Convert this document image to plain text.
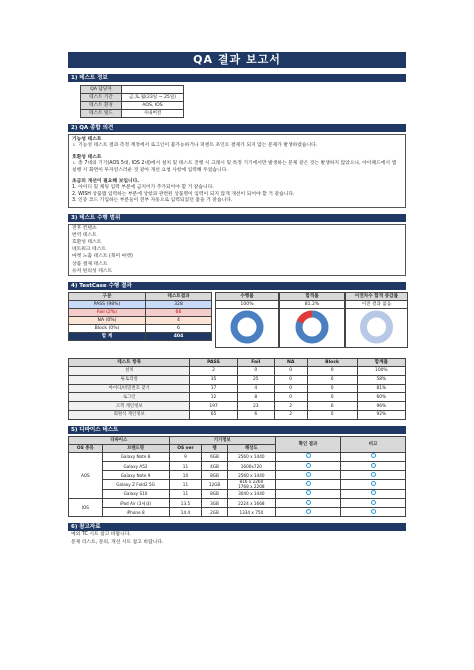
QA 결과 보고서
1) 테스트 정보
QA 담당자	
테스트 기간	금,토,월(23일 ~ 25일)
테스트 환경	AOS, IOS
테스트 빌드	사내버전
2) QA 종합 의견

기능성 테스트

ㄴ 기능성 테스트 결과 측정 계정에서 로그인이 불가능하거나 퍼센트 포인트 결제가 되지 않는 문제가 발생하였습니다.

호환성 테스트

ㄴ 총 7대의 기기(AOS 5대, IOS 2대)에서 설치 및 테스트 진행 시 크래시 및 특정 기기에서만 발생하는 문제 같은 것는 발생하지 않았으나, 아이패드에서 앱 실행 시 화면이 투자연스러운 것 같아 개선 요청 사항에 입력해 두었습니다.

초금의 개선이 필요해 보입니다.

1. 아이디 및 채팅 입력 부분에 금지어가 추가되어야 할 거 같습니다.

2. WISH 상품탭 입력하는 부분에 상항과 관련된 상품명이 입력이 되지 않게 개선이 되어야 할 거 같습니다.

3. 인증 코드 기입하는 부분들이 전부 자동으로 입력되었던 좋을 거 같습니다.

3) 테스트 수행 범위
전후 컨텐츠
번역 테스트
호환성 테스트
네트워크 테스트
마켓 노출 테스트 (북미 마켓)
상품 결제 테스트
유저 편의성 테스트
4) TestCase 수행 결과
구분	테스트결과
PASS (98%)	328
Fail (2%)	66
NA (0%)	4
Block (0%)	6
합 계	404
수행률
100%
합격률
81.2%
이전차수 합격 증감률
이전 결과 없음
테스트 항목	PASS	Fail	NA	Block	합계률
설치	2	0	0	0	100%
튜토리얼	35	25	0	0	58%
아이디/비밀번호 찾기	17	4	0	0	81%
로그인	12	8	0	0	60%
고객 게인정보	197	23	2	6	96%
회원식 게인정보	65	6	2	0	92%
5) 디바이스 테스트
디바이스		기기정보			확인 결과	비고
OS 종류	브랜드명	OS ver	램	해상도		
AOS	Galaxy Note 8	9	6GB	2560 x 1440		
	Galaxy A52	11	4GB	1600x720		
	Galaxy Note 9	10	8GB	2560 x 1440		
	Galaxy Z Fold2 5G	11	12GB	816 x 2260
1768 x 2208		
	Galaxy S10	11	8GB	3040 x 1440		
IOS	iPad Air (3세대)	13.5	3GB	2224 x 1668		
	iPhone 8	14.4	2GB	1334 x 750		
6) 참고자료
예외 TC 시트 참고 바랍니다.
문제 리스트, 문의, 개선 시트 참고 바랍니다.
